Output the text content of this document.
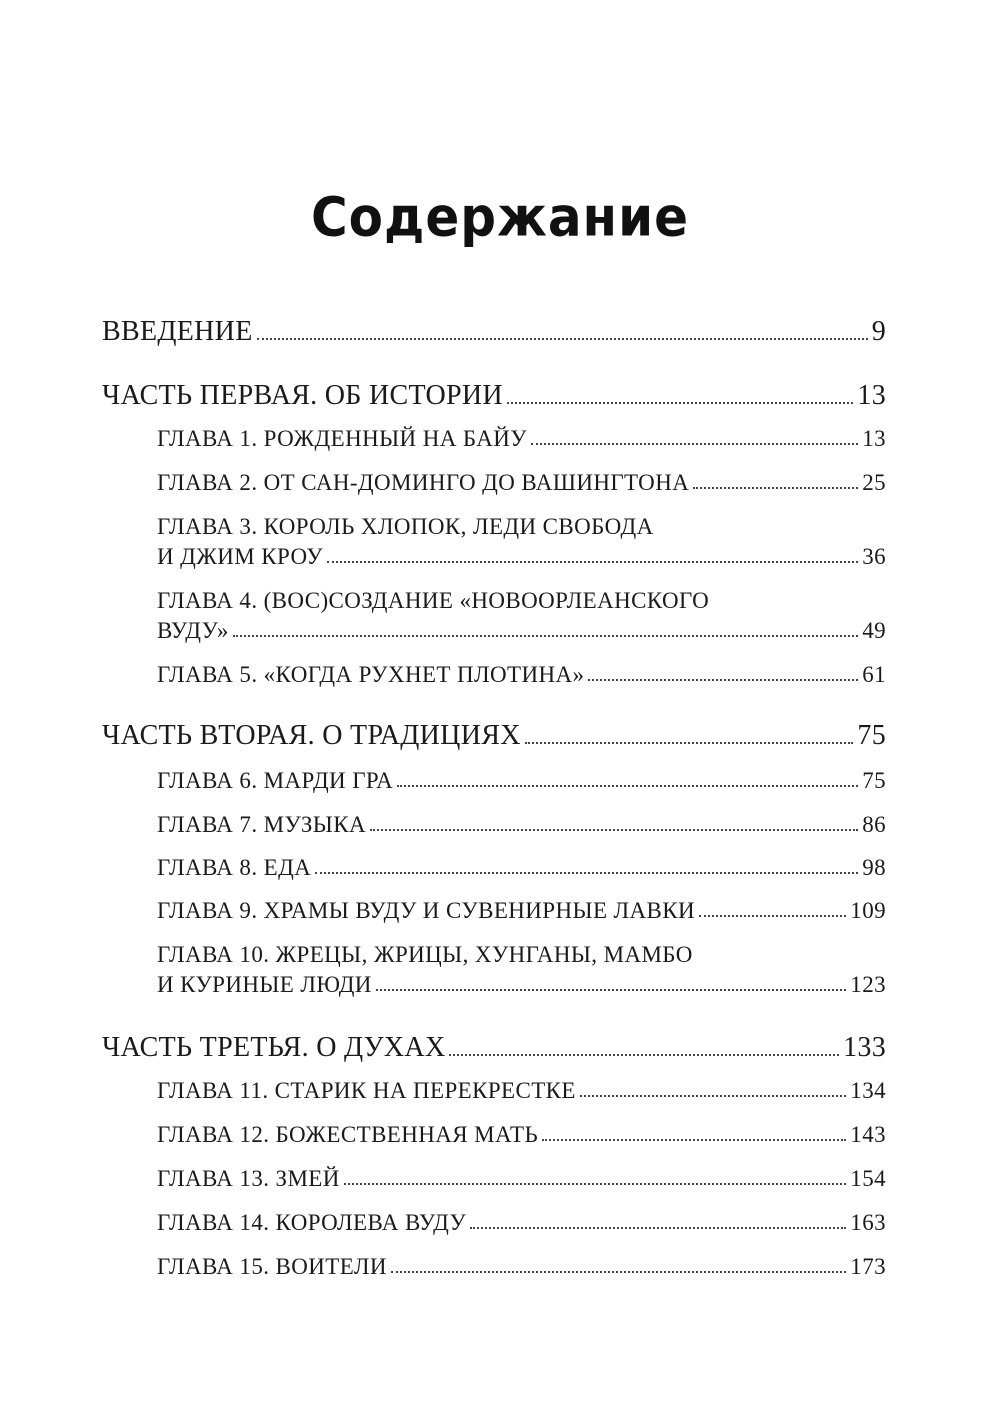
Содержание
ВВЕДЕНИЕ	9
ЧАСТЬ ПЕРВАЯ. ОБ ИСТОРИИ	13
ГЛАВА 1. РОЖДЕННЫЙ НА БАЙУ	13
ГЛАВА 2. ОТ САН-ДОМИНГО ДО ВАШИНГТОНА	25
ГЛАВА 3. КОРОЛЬ ХЛОПОК, ЛЕДИ СВОБОДА
И ДЖИМ КРОУ	36
ГЛАВА 4. (ВОС)СОЗДАНИЕ «НОВООРЛЕАНСКОГО
ВУДУ»	49
ГЛАВА 5. «КОГДА РУХНЕТ ПЛОТИНА»	61
ЧАСТЬ ВТОРАЯ. О ТРАДИЦИЯХ	75
ГЛАВА 6. МАРДИ ГРА	75
ГЛАВА 7. МУЗЫКА	86
ГЛАВА 8. ЕДА	98
ГЛАВА 9. ХРАМЫ ВУДУ И СУВЕНИРНЫЕ ЛАВКИ	109
ГЛАВА 10. ЖРЕЦЫ, ЖРИЦЫ, ХУНГАНЫ, МАМБО
И КУРИНЫЕ ЛЮДИ	123
ЧАСТЬ ТРЕТЬЯ. О ДУХАХ	133
ГЛАВА 11. СТАРИК НА ПЕРЕКРЕСТКЕ	134
ГЛАВА 12. БОЖЕСТВЕННАЯ МАТЬ	143
ГЛАВА 13. ЗМЕЙ	154
ГЛАВА 14. КОРОЛЕВА ВУДУ	163
ГЛАВА 15. ВОИТЕЛИ	173
